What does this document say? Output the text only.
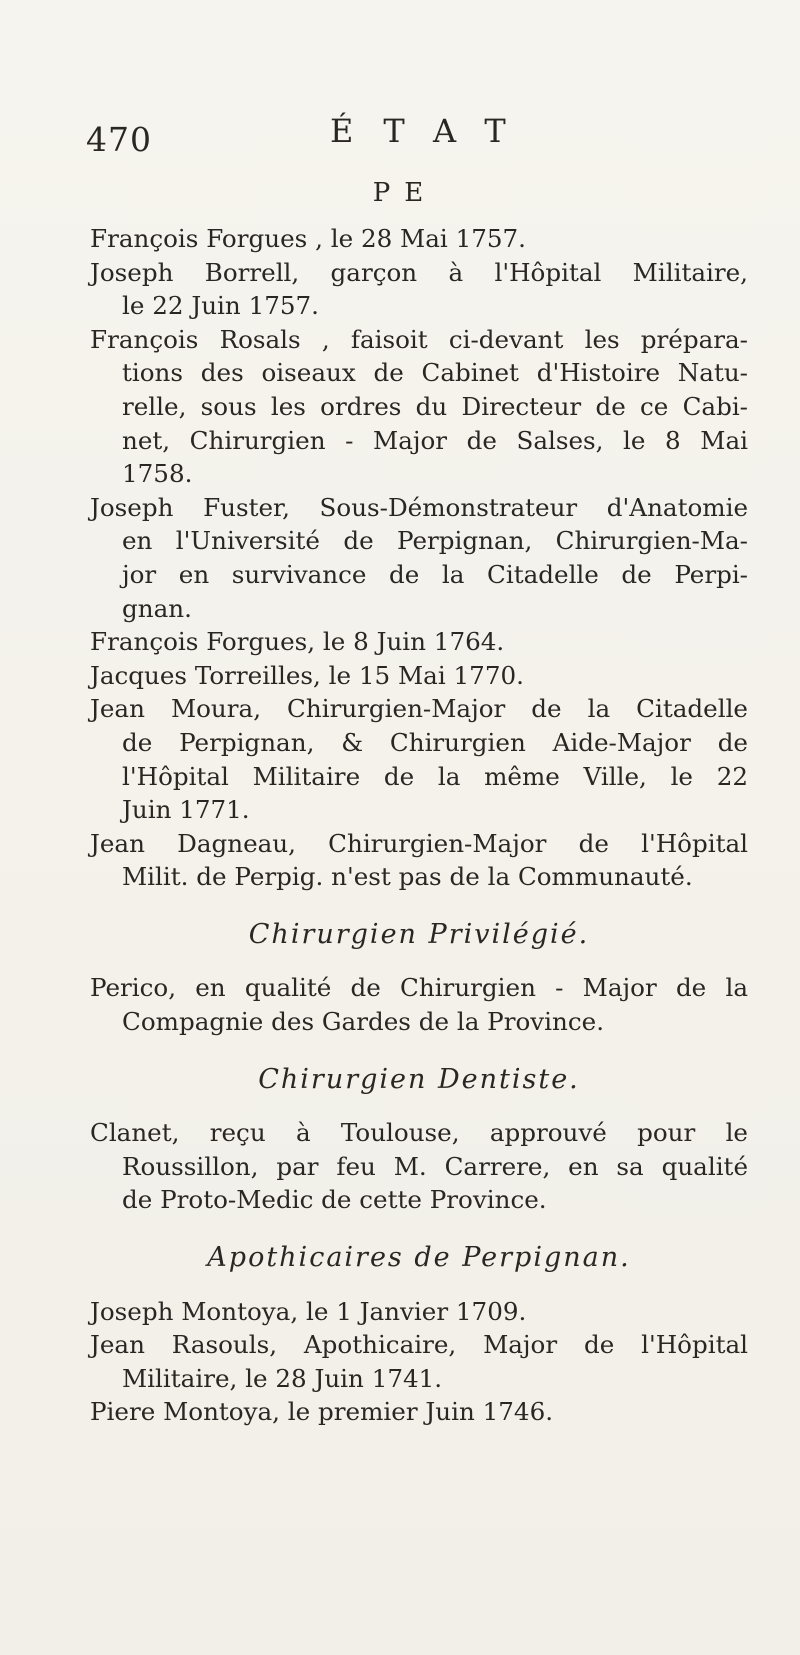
470	ÉTAT
PE
François Forgues , le 28 Mai 1757.
Joseph Borrell, garçon à l'Hôpital Militaire,
le 22 Juin 1757.
François Rosals , faisoit ci-devant les prépara-
tions des oiseaux de Cabinet d'Histoire Natu-
relle, sous les ordres du Directeur de ce Cabi-
net, Chirurgien - Major de Salses, le 8 Mai
1758.
Joseph Fuster, Sous-Démonstrateur d'Anatomie
en l'Université de Perpignan, Chirurgien-Ma-
jor en survivance de la Citadelle de Perpi-
gnan.
François Forgues, le 8 Juin 1764.
Jacques Torreilles, le 15 Mai 1770.
Jean Moura, Chirurgien-Major de la Citadelle
de Perpignan, & Chirurgien Aide-Major de
l'Hôpital Militaire de la même Ville, le 22
Juin 1771.
Jean Dagneau, Chirurgien-Major de l'Hôpital
Milit. de Perpig. n'est pas de la Communauté.
Chirurgien Privilégié.
Perico, en qualité de Chirurgien - Major de la
Compagnie des Gardes de la Province.
Chirurgien Dentiste.
Clanet, reçu à Toulouse, approuvé pour le
Roussillon, par feu M. Carrere, en sa qualité
de Proto-Medic de cette Province.
Apothicaires de Perpignan.
Joseph Montoya, le 1 Janvier 1709.
Jean Rasouls, Apothicaire, Major de l'Hôpital
Militaire, le 28 Juin 1741.
Piere Montoya, le premier Juin 1746.
